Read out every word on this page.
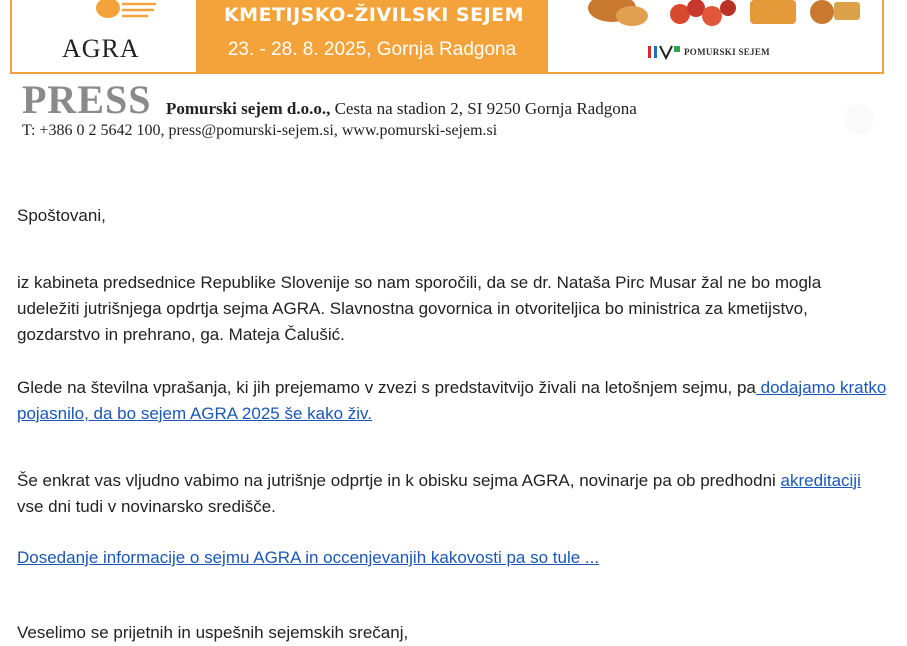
AGRA
KMETIJSKO-ŽIVILSKI SEJEM
23. - 28. 8. 2025, Gornja Radgona	POMURSKI SEJEM
PRESS Pomurski sejem d.o.o., Cesta na stadion 2, SI 9250 Gornja Radgona
T: +386 0 2 5642 100, press@pomurski-sejem.si, www.pomurski-sejem.si
Spoštovani,
iz kabineta predsednice Republike Slovenije so nam sporočili, da se dr. Nataša Pirc Musar žal ne bo mogla udeležiti jutrišnjega opdrtja sejma AGRA. Slavnostna govornica in otvoriteljica bo ministrica za kmetijstvo, gozdarstvo in prehrano, ga. Mateja Čalušić.
Glede na številna vprašanja, ki jih prejemamo v zvezi s predstavitvijo živali na letošnjem sejmu, pa dodajamo kratko pojasnilo, da bo sejem AGRA 2025 še kako živ.
Še enkrat vas vljudno vabimo na jutrišnje odprtje in k obisku sejma AGRA, novinarje pa ob predhodni akreditaciji vse dni tudi v novinarsko središče.
Dosedanje informacije o sejmu AGRA in occenjevanjih kakovosti pa so tule ...
Veselimo se prijetnih in uspešnih sejemskih srečanj,
